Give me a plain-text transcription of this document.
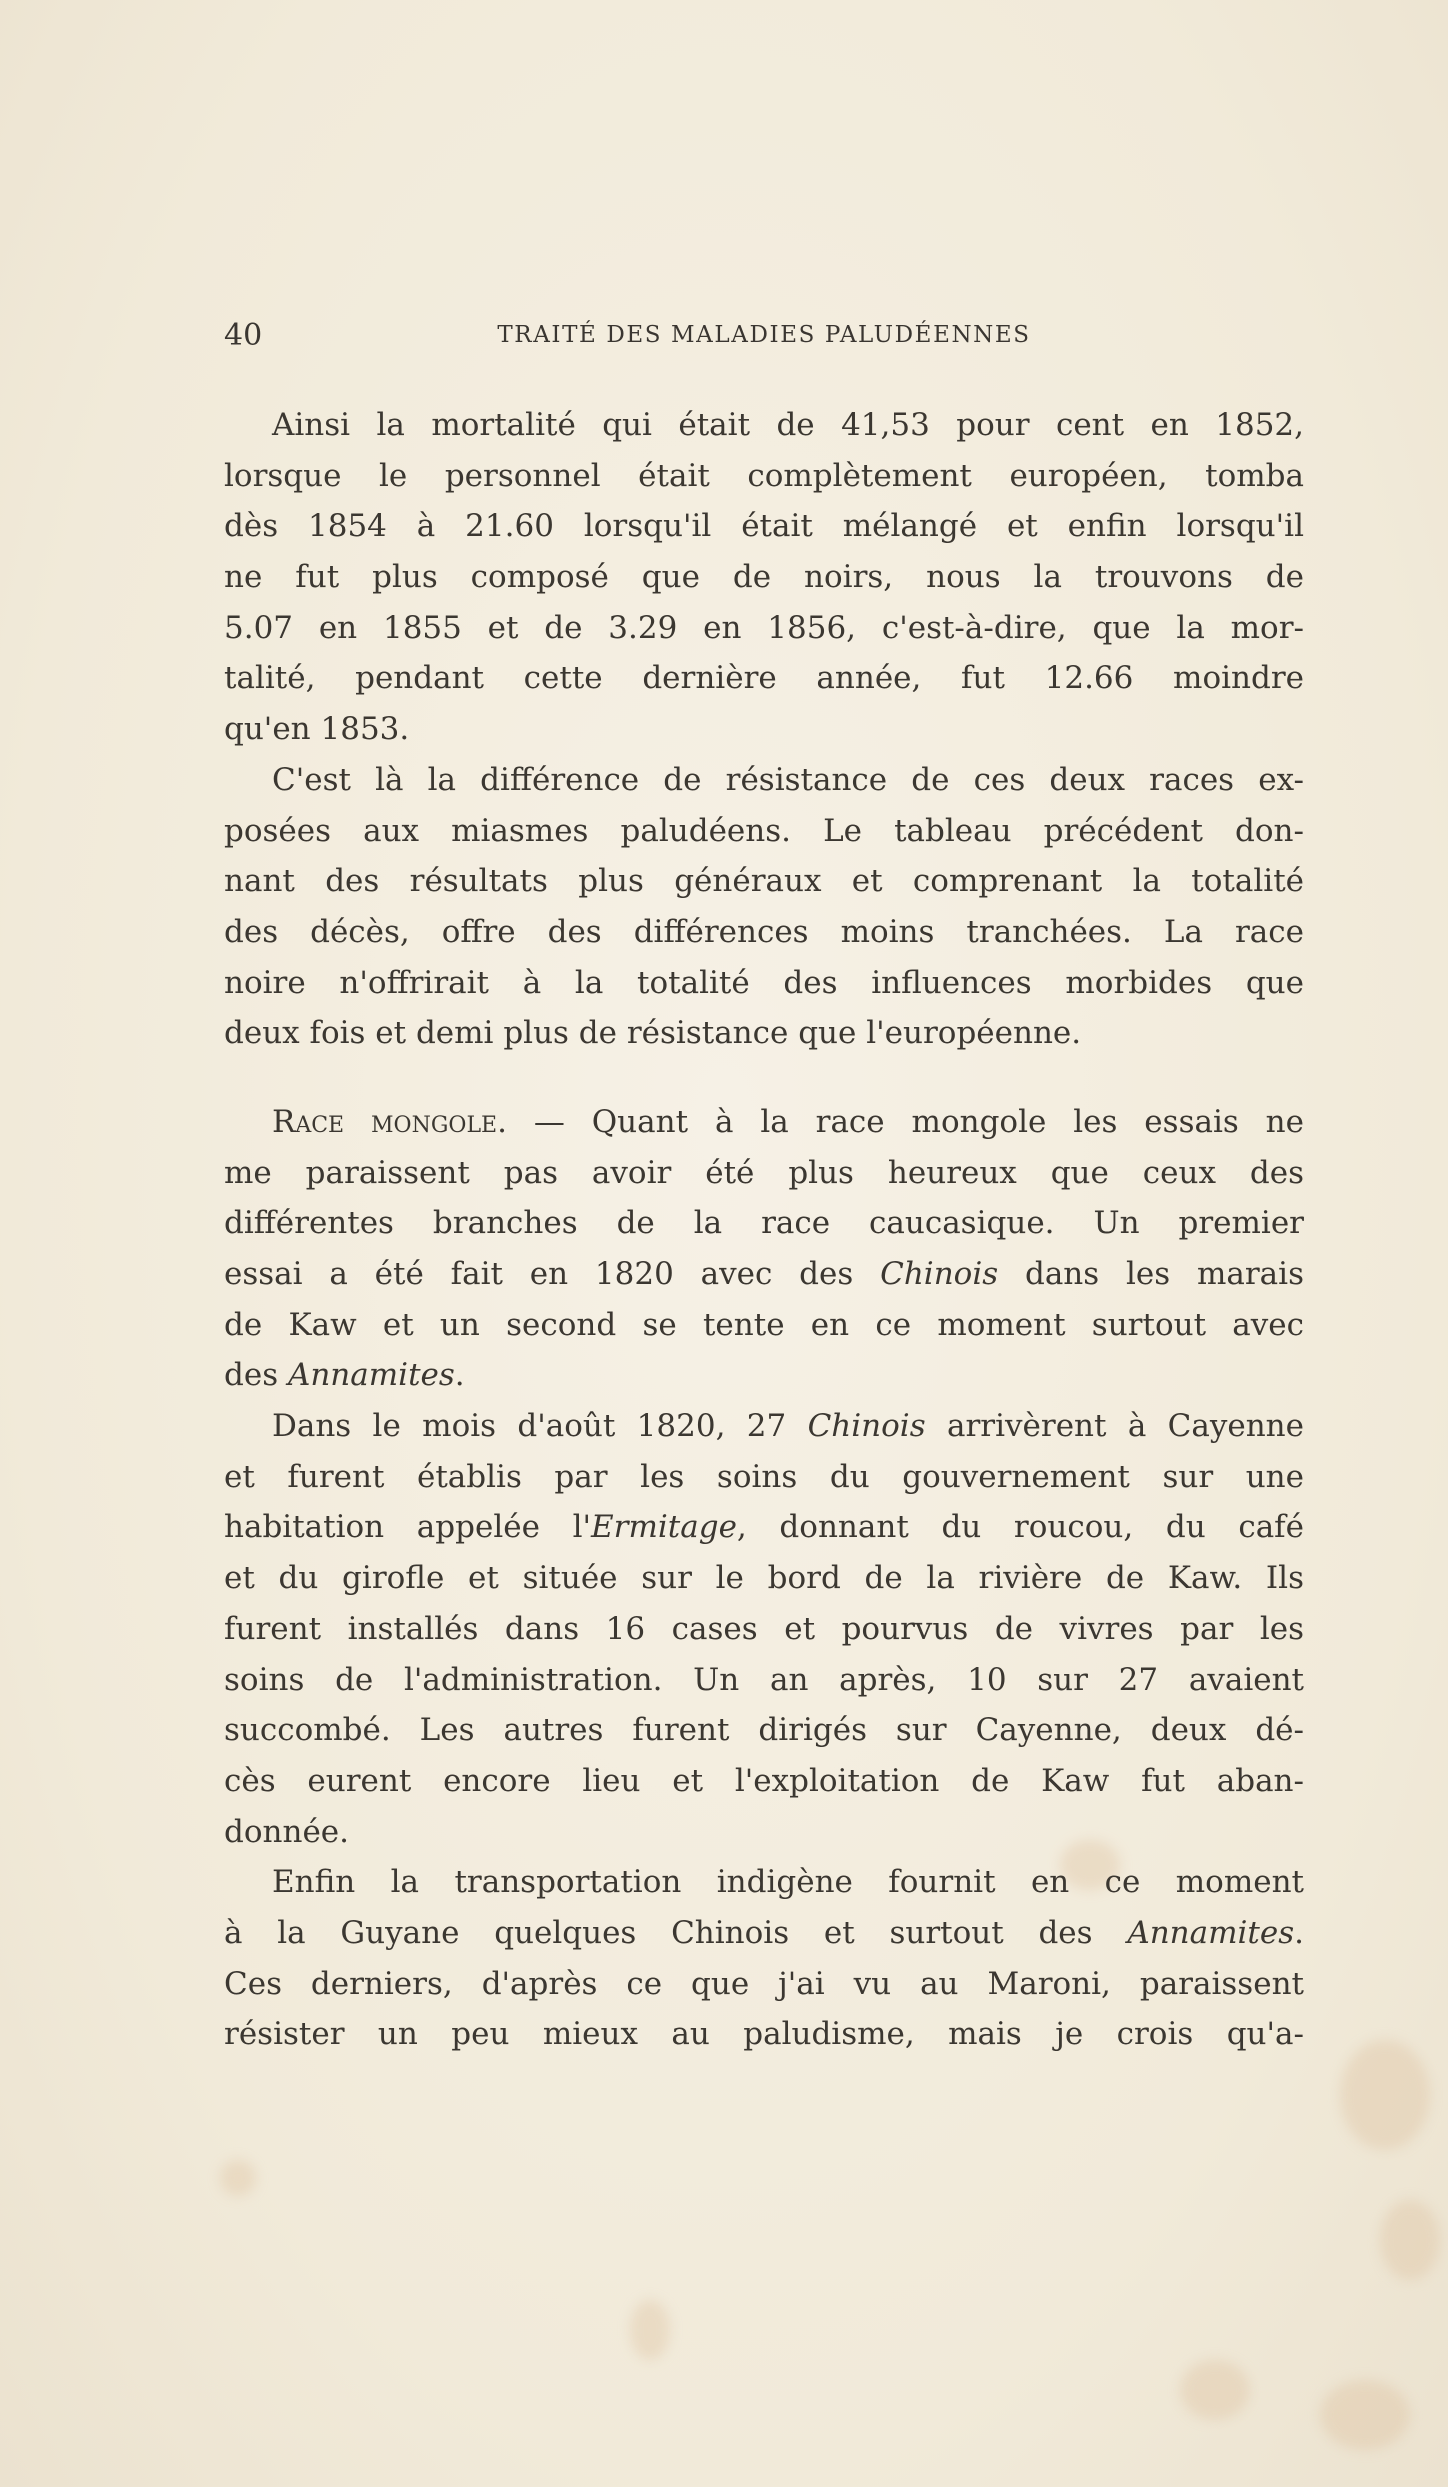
40	TRAITÉ DES MALADIES PALUDÉENNES
Ainsi la mortalité qui était de 41,53 pour cent en 1852,
lorsque le personnel était complètement européen, tomba
dès 1854 à 21.60 lorsqu'il était mélangé et enfin lorsqu'il
ne fut plus composé que de noirs, nous la trouvons de
5.07 en 1855 et de 3.29 en 1856, c'est-à-dire, que la mor-
talité, pendant cette dernière année, fut 12.66 moindre
qu'en 1853.
C'est là la différence de résistance de ces deux races ex-
posées aux miasmes paludéens. Le tableau précédent don-
nant des résultats plus généraux et comprenant la totalité
des décès, offre des différences moins tranchées. La race
noire n'offrirait à la totalité des influences morbides que
deux fois et demi plus de résistance que l'européenne.
Race mongole. — Quant à la race mongole les essais ne
me paraissent pas avoir été plus heureux que ceux des
différentes branches de la race caucasique. Un premier
essai a été fait en 1820 avec des Chinois dans les marais
de Kaw et un second se tente en ce moment surtout avec
des Annamites.
Dans le mois d'août 1820, 27 Chinois arrivèrent à Cayenne
et furent établis par les soins du gouvernement sur une
habitation appelée l'Ermitage, donnant du roucou, du café
et du girofle et située sur le bord de la rivière de Kaw. Ils
furent installés dans 16 cases et pourvus de vivres par les
soins de l'administration. Un an après, 10 sur 27 avaient
succombé. Les autres furent dirigés sur Cayenne, deux dé-
cès eurent encore lieu et l'exploitation de Kaw fut aban-
donnée.
Enfin la transportation indigène fournit en ce moment
à la Guyane quelques Chinois et surtout des Annamites.
Ces derniers, d'après ce que j'ai vu au Maroni, paraissent
résister un peu mieux au paludisme, mais je crois qu'a-
